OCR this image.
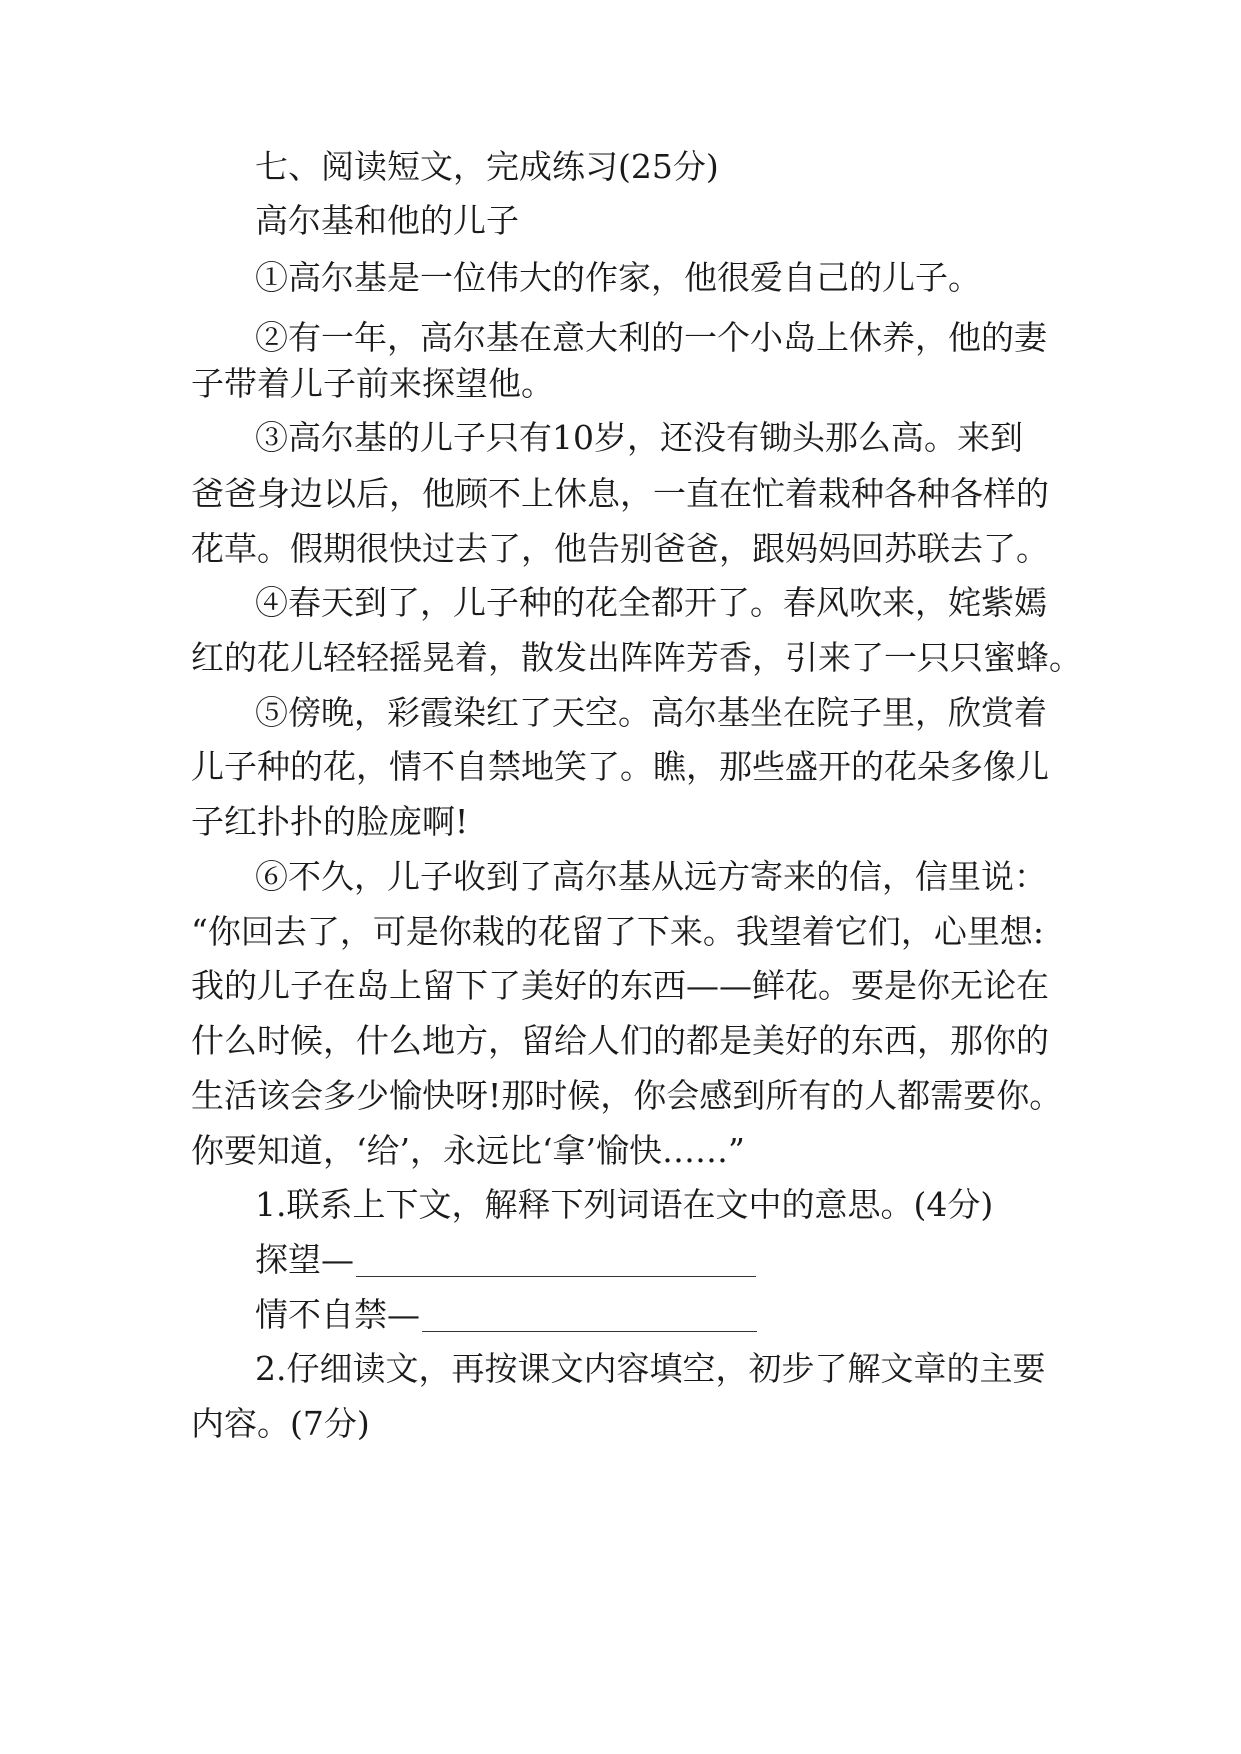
七、阅读短文，完成练习(25分)
高尔基和他的儿子
①高尔基是一位伟大的作家，他很爱自己的儿子。
②有一年，高尔基在意大利的一个小岛上休养，他的妻
子带着儿子前来探望他。
③高尔基的儿子只有10岁，还没有锄头那么高。来到
爸爸身边以后，他顾不上休息，一直在忙着栽种各种各样的
花草。假期很快过去了，他告别爸爸，跟妈妈回苏联去了。
④春天到了，儿子种的花全都开了。春风吹来，姹紫嫣
红的花儿轻轻摇晃着，散发出阵阵芳香，引来了一只只蜜蜂。
⑤傍晚，彩霞染红了天空。高尔基坐在院子里，欣赏着
儿子种的花，情不自禁地笑了。瞧，那些盛开的花朵多像儿
子红扑扑的脸庞啊!
⑥不久，儿子收到了高尔基从远方寄来的信，信里说：
“你回去了，可是你栽的花留了下来。我望着它们，心里想:
我的儿子在岛上留下了美好的东西——鲜花。要是你无论在
什么时候，什么地方，留给人们的都是美好的东西，那你的
生活该会多少愉快呀!那时候，你会感到所有的人都需要你。
你要知道，‘给’，永远比‘拿’愉快……”
1.联系上下文，解释下列词语在文中的意思。(4分)
探望—
情不自禁—
2.仔细读文，再按课文内容填空，初步了解文章的主要
内容。(7分)
